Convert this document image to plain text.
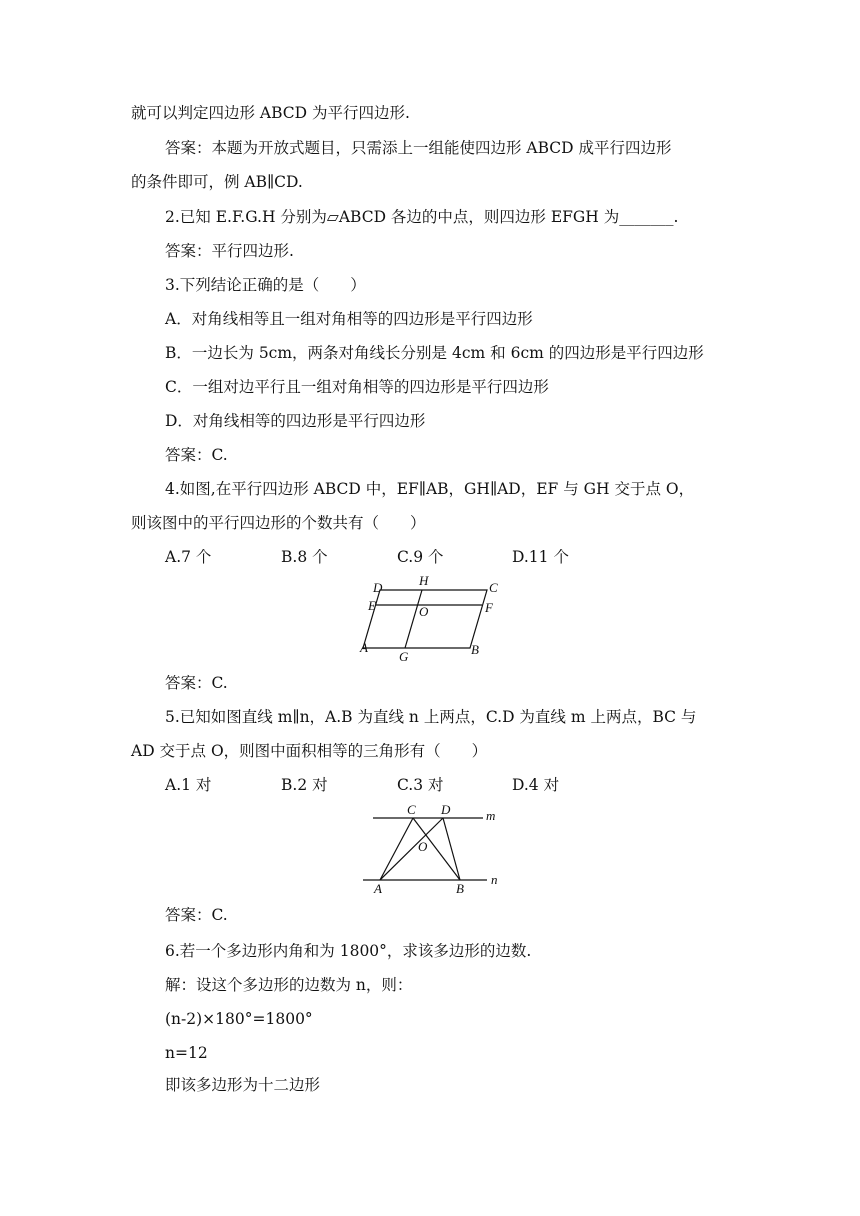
就可以判定四边形 ABCD 为平行四边形.
答案：本题为开放式题目，只需添上一组能使四边形 ABCD 成平行四边形
的条件即可，例 AB∥CD.
2.已知 E.F.G.H 分别为▱ABCD 各边的中点，则四边形 EFGH 为_______.
答案：平行四边形.
3.下列结论正确的是（　　）
A．对角线相等且一组对角相等的四边形是平行四边形
B．一边长为 5cm，两条对角线长分别是 4cm 和 6cm 的四边形是平行四边形
C．一组对边平行且一组对角相等的四边形是平行四边形
D．对角线相等的四边形是平行四边形
答案：C.
4.如图,在平行四边形 ABCD 中，EF∥AB，GH∥AD，EF 与 GH 交于点 O，
则该图中的平行四边形的个数共有（　　）
A.7 个	B.8 个	C.9 个	D.11 个
D	H	C
E	O	F
A
G	B
答案：C.
5.已知如图直线 m∥n，A.B 为直线 n 上两点，C.D 为直线 m 上两点，BC 与
AD 交于点 O，则图中面积相等的三角形有（　　）
A.1 对	B.2 对	C.3 对	D.4 对
C D	m
O
A	B
n
答案：C.
6.若一个多边形内角和为 1800°，求该多边形的边数.
解：设这个多边形的边数为 n，则：
(n-2)×180°=1800°
n=12
即该多边形为十二边形
